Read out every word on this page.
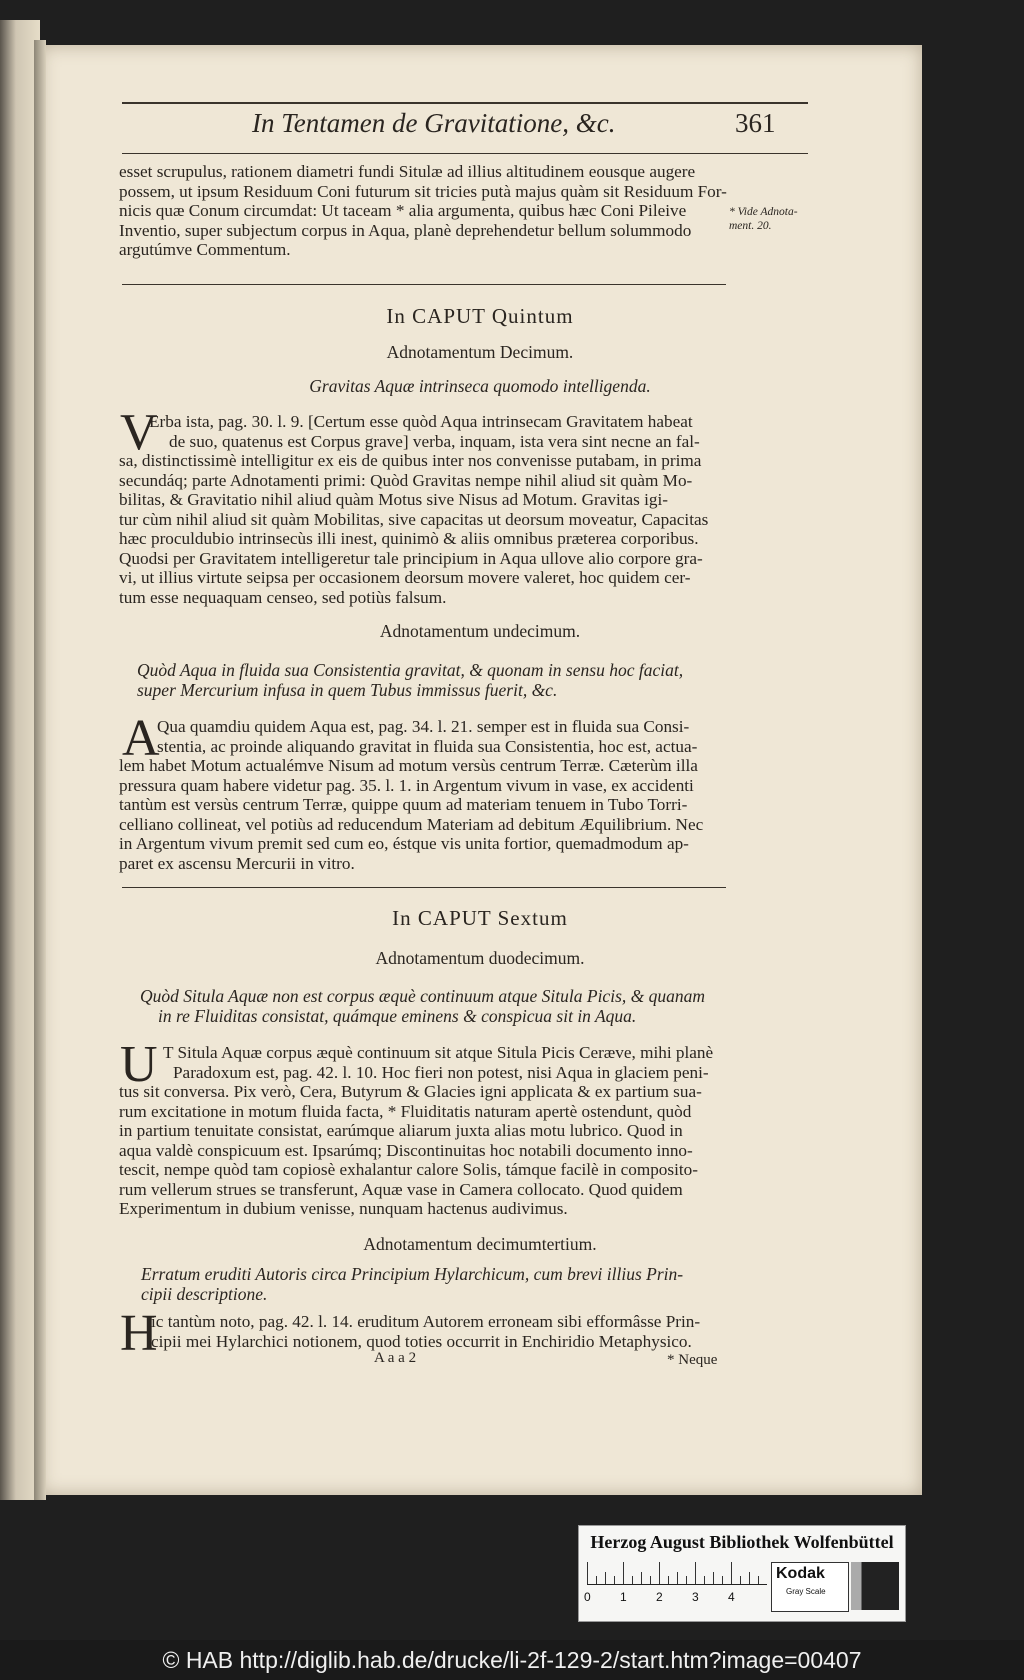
In Tentamen de Gravitatione, &c.	361
esset scrupulus, rationem diametri fundi Situlæ ad illius altitudinem eousque augere
possem, ut ipsum Residuum Coni futurum sit tricies putà majus quàm sit Residuum For-
nicis quæ Conum circumdat: Ut taceam * alia argumenta, quibus hæc Coni Pileive
Inventio, super subjectum corpus in Aqua, planè deprehendetur bellum solummodo
argutúmve Commentum.
* Vide Adnota- ment. 20.
In CAPUT Quintum
Adnotamentum Decimum.
Gravitas Aquæ intrinseca quomodo intelligenda.
V
Erba ista, pag. 30. l. 9. [Certum esse quòd Aqua intrinsecam Gravitatem habeat
de suo, quatenus est Corpus grave] verba, inquam, ista vera sint necne an fal-
sa, distinctissimè intelligitur ex eis de quibus inter nos convenisse putabam, in prima
secundáq; parte Adnotamenti primi: Quòd Gravitas nempe nihil aliud sit quàm Mo-
bilitas, & Gravitatio nihil aliud quàm Motus sive Nisus ad Motum. Gravitas igi-
tur cùm nihil aliud sit quàm Mobilitas, sive capacitas ut deorsum moveatur, Capacitas
hæc proculdubio intrinsecùs illi inest, quinimò & aliis omnibus præterea corporibus.
Quodsi per Gravitatem intelligeretur tale principium in Aqua ullove alio corpore gra-
vi, ut illius virtute seipsa per occasionem deorsum movere valeret, hoc quidem cer-
tum esse nequaquam censeo, sed potiùs falsum.
Adnotamentum undecimum.
Quòd Aqua in fluida sua Consistentia gravitat, & quonam in sensu hoc faciat,
super Mercurium infusa in quem Tubus immissus fuerit, &c.
A
Qua quamdiu quidem Aqua est, pag. 34. l. 21. semper est in fluida sua Consi-
stentia, ac proinde aliquando gravitat in fluida sua Consistentia, hoc est, actua-
lem habet Motum actualémve Nisum ad motum versùs centrum Terræ. Cæterùm illa
pressura quam habere videtur pag. 35. l. 1. in Argentum vivum in vase, ex accidenti
tantùm est versùs centrum Terræ, quippe quum ad materiam tenuem in Tubo Torri-
celliano collineat, vel potiùs ad reducendum Materiam ad debitum Æquilibrium. Nec
in Argentum vivum premit sed cum eo, éstque vis unita fortior, quemadmodum ap-
paret ex ascensu Mercurii in vitro.
In CAPUT Sextum
Adnotamentum duodecimum.
Quòd Situla Aquæ non est corpus æquè continuum atque Situla Picis, & quanam
in re Fluiditas consistat, quámque eminens & conspicua sit in Aqua.
U T Situla Aquæ corpus æquè continuum sit atque Situla Picis Ceræve, mihi planè
Paradoxum est, pag. 42. l. 10. Hoc fieri non potest, nisi Aqua in glaciem peni-
tus sit conversa. Pix verò, Cera, Butyrum & Glacies igni applicata & ex partium sua-
rum excitatione in motum fluida facta, * Fluiditatis naturam apertè ostendunt, quòd
in partium tenuitate consistat, earúmque aliarum juxta alias motu lubrico. Quod in
aqua valdè conspicuum est. Ipsarúmq; Discontinuitas hoc notabili documento inno-
tescit, nempe quòd tam copiosè exhalantur calore Solis, támque facilè in composito-
rum vellerum strues se transferunt, Aquæ vase in Camera collocato. Quod quidem
Experimentum in dubium venisse, nunquam hactenus audivimus.
Adnotamentum decimumtertium.
Erratum eruditi Autoris circa Principium Hylarchicum, cum brevi illius Prin-
cipii descriptione.
H
ic tantùm noto, pag. 42. l. 14. eruditum Autorem erroneam sibi efformâsse Prin-
cipii mei Hylarchici notionem, quod toties occurrit in Enchiridio Metaphysico.
A a a 2	* Neque
Herzog August Bibliothek Wolfenbüttel
0 1 2 3 4
Kodak
Gray Scale
© HAB http://diglib.hab.de/drucke/li-2f-129-2/start.htm?image=00407
